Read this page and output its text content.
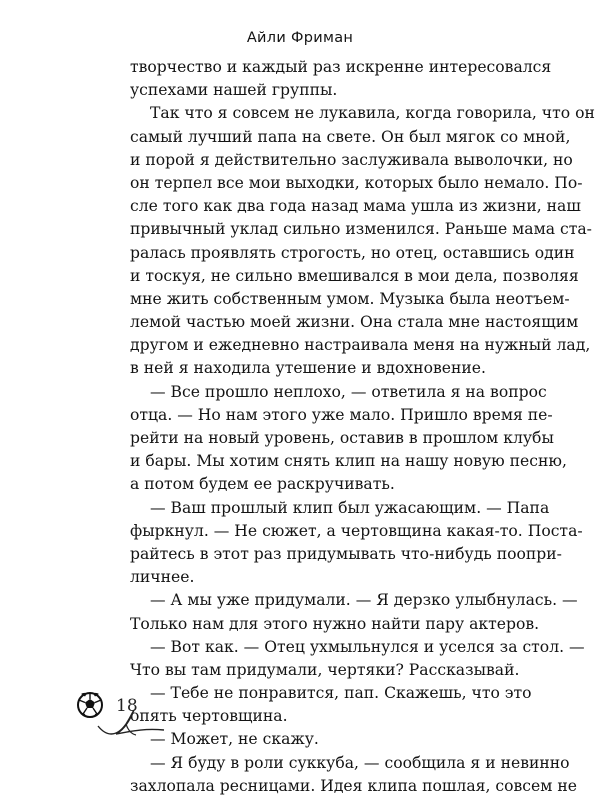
Айли Фриман
творчество и каждый раз искренне интересовался
успехами нашей группы.
Так что я совсем не лукавила, когда говорила, что он
самый лучший папа на свете. Он был мягок со мной,
и порой я действительно заслуживала выволочки, но
он терпел все мои выходки, которых было немало. По-
сле того как два года назад мама ушла из жизни, наш
привычный уклад сильно изменился. Раньше мама ста-
ралась проявлять строгость, но отец, оставшись один
и тоскуя, не сильно вмешивался в мои дела, позволяя
мне жить собственным умом. Музыка была неотъем-
лемой частью моей жизни. Она стала мне настоящим
другом и ежедневно настраивала меня на нужный лад,
в ней я находила утешение и вдохновение.
— Все прошло неплохо, — ответила я на вопрос
отца. — Но нам этого уже мало. Пришло время пе-
рейти на новый уровень, оставив в прошлом клубы
и бары. Мы хотим снять клип на нашу новую песню,
а потом будем ее раскручивать.
— Ваш прошлый клип был ужасающим. — Папа
фыркнул. — Не сюжет, а чертовщина какая-то. Поста-
райтесь в этот раз придумывать что-нибудь поопри-
личнее.
— А мы уже придумали. — Я дерзко улыбнулась. —
Только нам для этого нужно найти пару актеров.
— Вот как. — Отец ухмыльнулся и уселся за стол. —
Что вы там придумали, чертяки? Рассказывай.
— Тебе не понравится, пап. Скажешь, что это
опять чертовщина.
— Может, не скажу.
— Я буду в роли суккуба, — сообщила я и невинно
захлопала ресницами. Идея клипа пошлая, совсем не
18
